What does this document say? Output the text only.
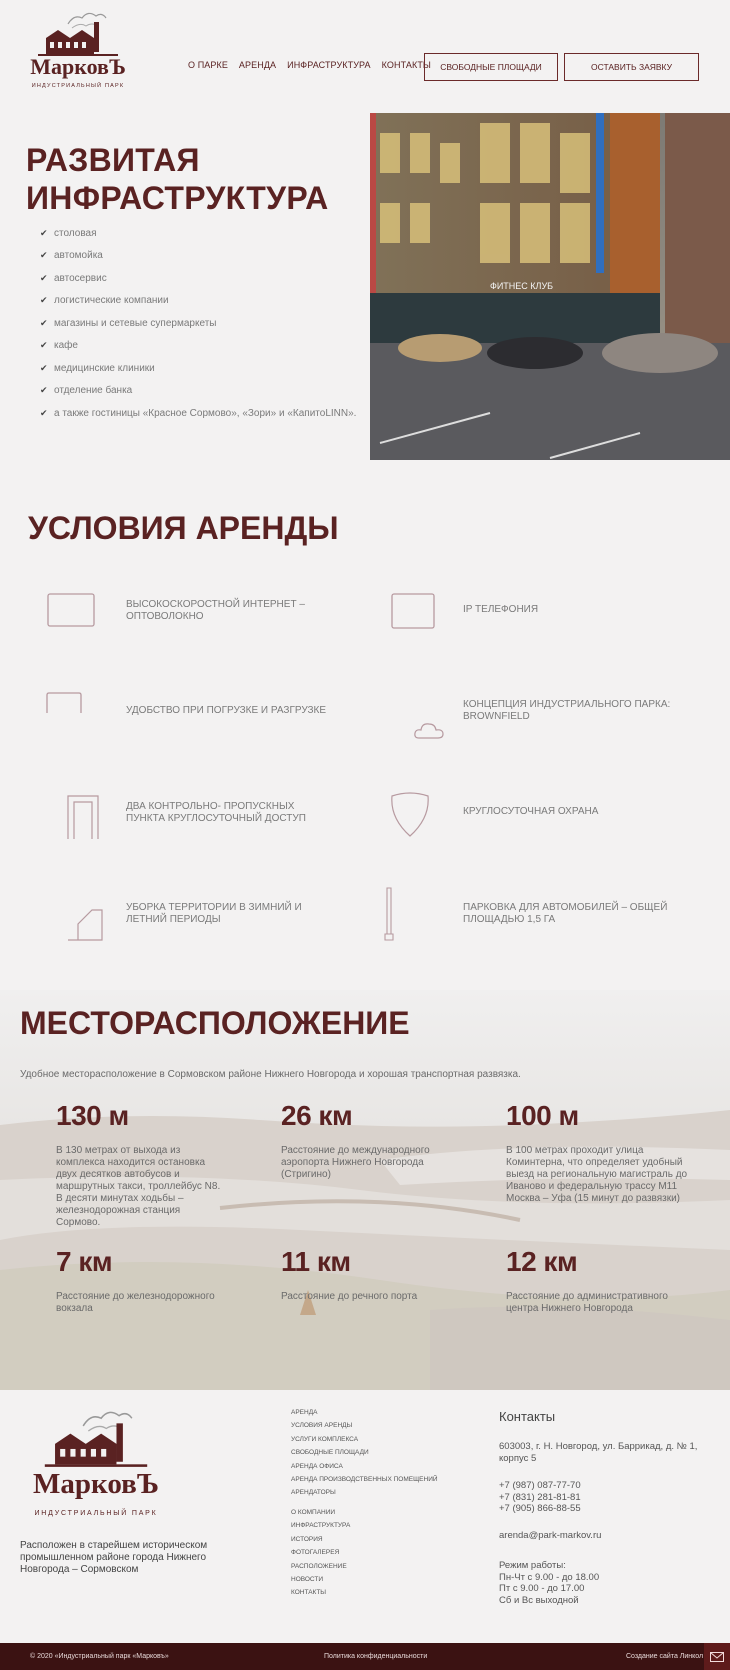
МарковЪ
ИНДУСТРИАЛЬНЫЙ ПАРК
О ПАРКЕ АРЕНДА ИНФРАСТРУКТУРА КОНТАКТЫ	СВОБОДНЫЕ ПЛОЩАДИ	ОСТАВИТЬ ЗАЯВКУ
РАЗВИТАЯ
ИНФРАСТРУКТУРА
✔ столовая
✔ автомойка
✔ автосервис
✔ логистические компании
✔ магазины и сетевые супермаркеты
✔ кафе
✔ медицинские клиники
✔ отделение банка
✔ а также гостиницы «Красное Сормово», «Зори» и «КапитоLINN».
ФИТНЕС КЛУБ
УСЛОВИЯ АРЕНДЫ
ВЫСОКОСКОРОСТНОЙ ИНТЕРНЕТ – ОПТОВОЛОКНО
IP ТЕЛЕФОНИЯ
УДОБСТВО ПРИ ПОГРУЗКЕ И РАЗГРУЗКЕ
КОНЦЕПЦИЯ ИНДУСТРИАЛЬНОГО ПАРКА: BROWNFIELD
ДВА КОНТРОЛЬНО- ПРОПУСКНЫХ ПУНКТА КРУГЛОСУТОЧНЫЙ ДОСТУП
КРУГЛОСУТОЧНАЯ ОХРАНА
УБОРКА ТЕРРИТОРИИ В ЗИМНИЙ И ЛЕТНИЙ ПЕРИОДЫ
ПАРКОВКА ДЛЯ АВТОМОБИЛЕЙ – ОБЩЕЙ ПЛОЩАДЬЮ 1,5 ГА
МЕСТОРАСПОЛОЖЕНИЕ

Удобное месторасположение в Сормовском районе Нижнего Новгорода и хорошая транспортная развязка.

130 м
В 130 метрах от выхода из комплекса находится остановка двух десятков автобусов и маршрутных такси, троллейбус N8. В десяти минутах ходьбы – железнодорожная станция Сормово.
26 км
Расстояние до международного аэропорта Нижнего Новгорода (Стригино)
100 м
В 100 метрах проходит улица Коминтерна, что определяет удобный выезд на региональную магистраль до Иваново и федеральную трассу М11 Москва – Уфа (15 минут до развязки)
7 км
Расстояние до железнодорожного вокзала
11 км
Расстояние до речного порта
12 км
Расстояние до административного центра Нижнего Новгорода
МарковЪ
ИНДУСТРИАЛЬНЫЙ ПАРК

Расположен в старейшем историческом промышленном районе города Нижнего Новгорода – Сормовском

АРЕНДА
УСЛОВИЯ АРЕНДЫ
УСЛУГИ КОМПЛЕКСА
СВОБОДНЫЕ ПЛОЩАДИ
АРЕНДА ОФИСА
АРЕНДА ПРОИЗВОДСТВЕННЫХ ПОМЕЩЕНИЙ
АРЕНДАТОРЫ
О КОМПАНИИ
ИНФРАСТРУКТУРА
ИСТОРИЯ
ФОТОГАЛЕРЕЯ
РАСПОЛОЖЕНИЕ
НОВОСТИ
КОНТАКТЫ
Контакты
603003, г. Н. Новгород, ул. Баррикад, д. № 1, корпус 5
+7 (987) 087-77-70
+7 (831) 281-81-81
+7 (905) 866-88-55
arenda@park-markov.ru
Режим работы:
Пн-Чт с 9.00 - до 18.00
Пт с 9.00 - до 17.00
Сб и Вс выходной
© 2020 «Индустриальный парк «Марковъ»	Политика конфиденциальности	Создание сайта Линкол
